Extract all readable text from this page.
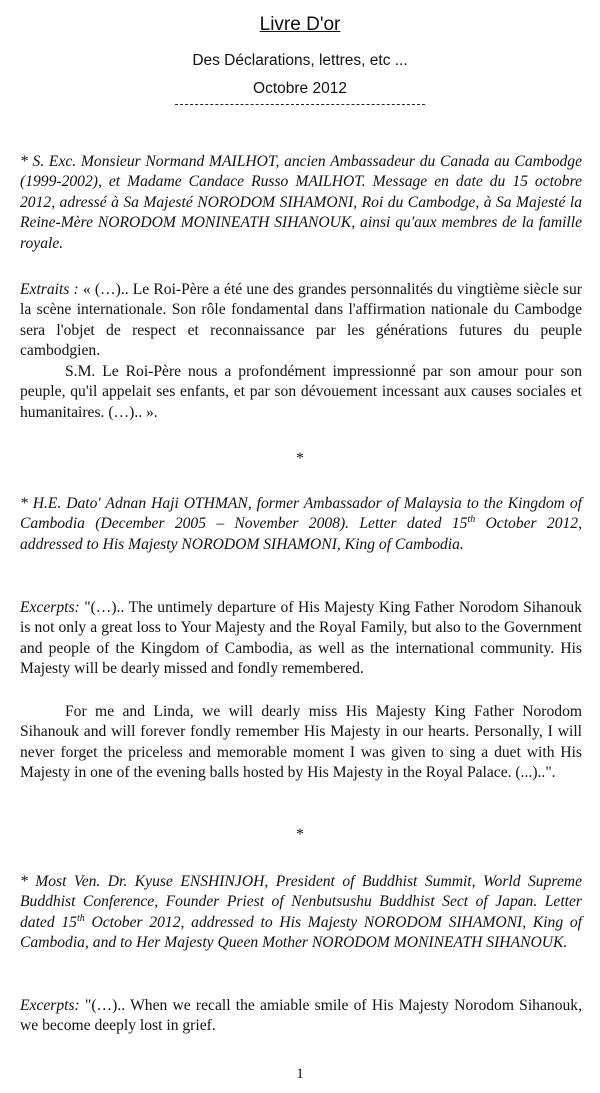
Livre D'or
Des Déclarations, lettres, etc ...
Octobre 2012
* S. Exc. Monsieur Normand MAILHOT, ancien Ambassadeur du Canada au Cambodge (1999-2002), et Madame Candace Russo MAILHOT. Message en date du 15 octobre 2012, adressé à Sa Majesté NORODOM SIHAMONI, Roi du Cambodge, à Sa Majesté la Reine-Mère NORODOM MONINEATH SIHANOUK, ainsi qu'aux membres de la famille royale.
Extraits : « (…).. Le Roi-Père a été une des grandes personnalités du vingtième siècle sur la scène internationale. Son rôle fondamental dans l'affirmation nationale du Cambodge sera l'objet de respect et reconnaissance par les générations futures du peuple cambodgien.
S.M. Le Roi-Père nous a profondément impressionné par son amour pour son peuple, qu'il appelait ses enfants, et par son dévouement incessant aux causes sociales et humanitaires. (…).. ».
*
* H.E. Dato' Adnan Haji OTHMAN, former Ambassador of Malaysia to the Kingdom of Cambodia (December 2005 – November 2008). Letter dated 15th October 2012, addressed to His Majesty NORODOM SIHAMONI, King of Cambodia.
Excerpts: "(…).. The untimely departure of His Majesty King Father Norodom Sihanouk is not only a great loss to Your Majesty and the Royal Family, but also to the Government and people of the Kingdom of Cambodia, as well as the international community. His Majesty will be dearly missed and fondly remembered.
For me and Linda, we will dearly miss His Majesty King Father Norodom Sihanouk and will forever fondly remember His Majesty in our hearts. Personally, I will never forget the priceless and memorable moment I was given to sing a duet with His Majesty in one of the evening balls hosted by His Majesty in the Royal Palace. (...)..".
*
* Most Ven. Dr. Kyuse ENSHINJOH, President of Buddhist Summit, World Supreme Buddhist Conference, Founder Priest of Nenbutsushu Buddhist Sect of Japan. Letter dated 15th October 2012, addressed to His Majesty NORODOM SIHAMONI, King of Cambodia, and to Her Majesty Queen Mother NORODOM MONINEATH SIHANOUK.
Excerpts: "(…).. When we recall the amiable smile of His Majesty Norodom Sihanouk, we become deeply lost in grief.
1
